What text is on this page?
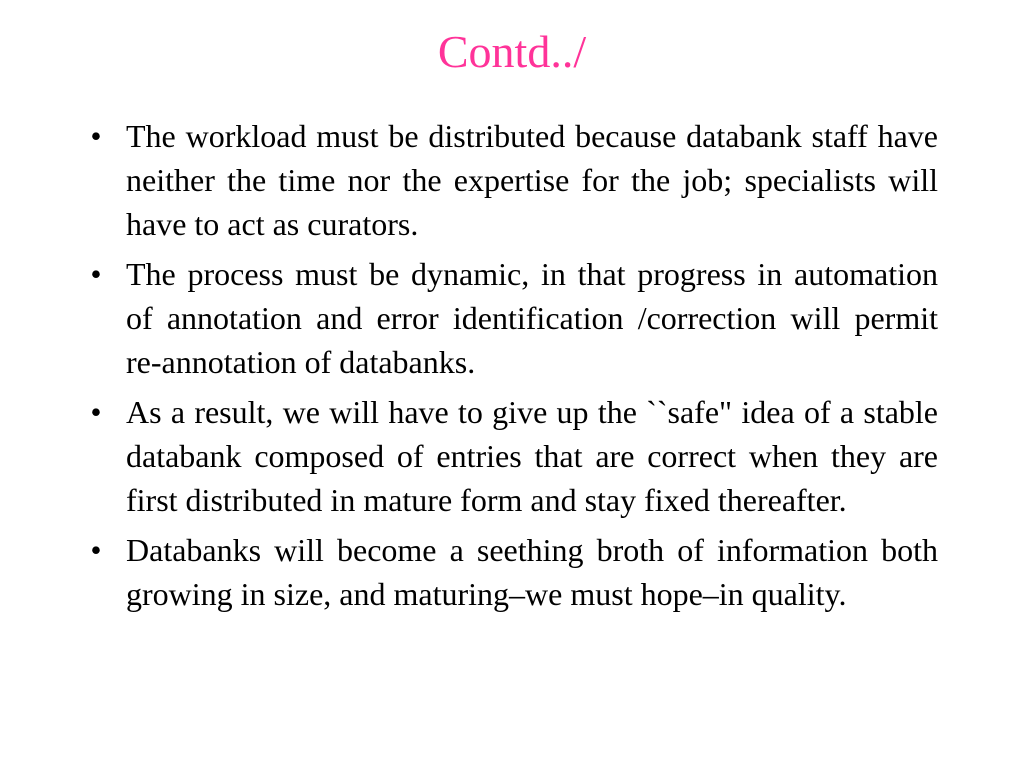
Contd../
• The workload must be distributed because databank staff have neither the time nor the expertise for the job; specialists will have to act as curators.
• The process must be dynamic, in that progress in automation of annotation and error identification /correction will permit re-annotation of databanks.
• As a result, we will have to give up the ``safe" idea of a stable databank composed of entries that are correct when they are first distributed in mature form and stay fixed thereafter.
• Databanks will become a seething broth of information both growing in size, and maturing–we must hope–in quality.
